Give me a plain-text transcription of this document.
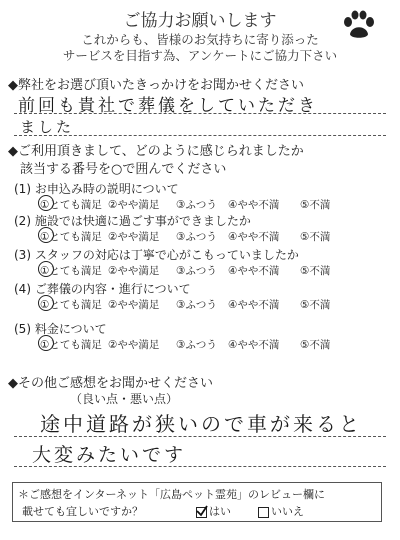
ご協力お願いします
これからも、皆様のお気持ちに寄り添った
サービスを目指す為、アンケートにご協力下さい
◆弊社をお選び頂いたきっかけをお聞かせください
前回も貴社で葬儀をしていただき
ました
◆ご利用頂きまして、どのように感じられましたか
該当する番号を○で囲んでください
(1) お申込み時の説明について
①とても満足 ②やや満足 ③ふつう ④やや不満 ⑤不満
(2) 施設では快適に過ごす事ができましたか
①とても満足 ②やや満足 ③ふつう ④やや不満 ⑤不満
(3) スタッフの対応は丁寧で心がこもっていましたか
①とても満足 ②やや満足 ③ふつう ④やや不満 ⑤不満
(4) ご葬儀の内容・進行について
①とても満足 ②やや満足 ③ふつう ④やや不満 ⑤不満
(5) 料金について
①とても満足 ②やや満足 ③ふつう ④やや不満 ⑤不満
◆その他ご感想をお聞かせください
（良い点・悪い点）
途中道路が狭いので車が来ると
大変みたいです
＊ご感想をインターネット「広島ペット霊苑」のレビュー欄に
載せても宜しいですか？	はい	いいえ
